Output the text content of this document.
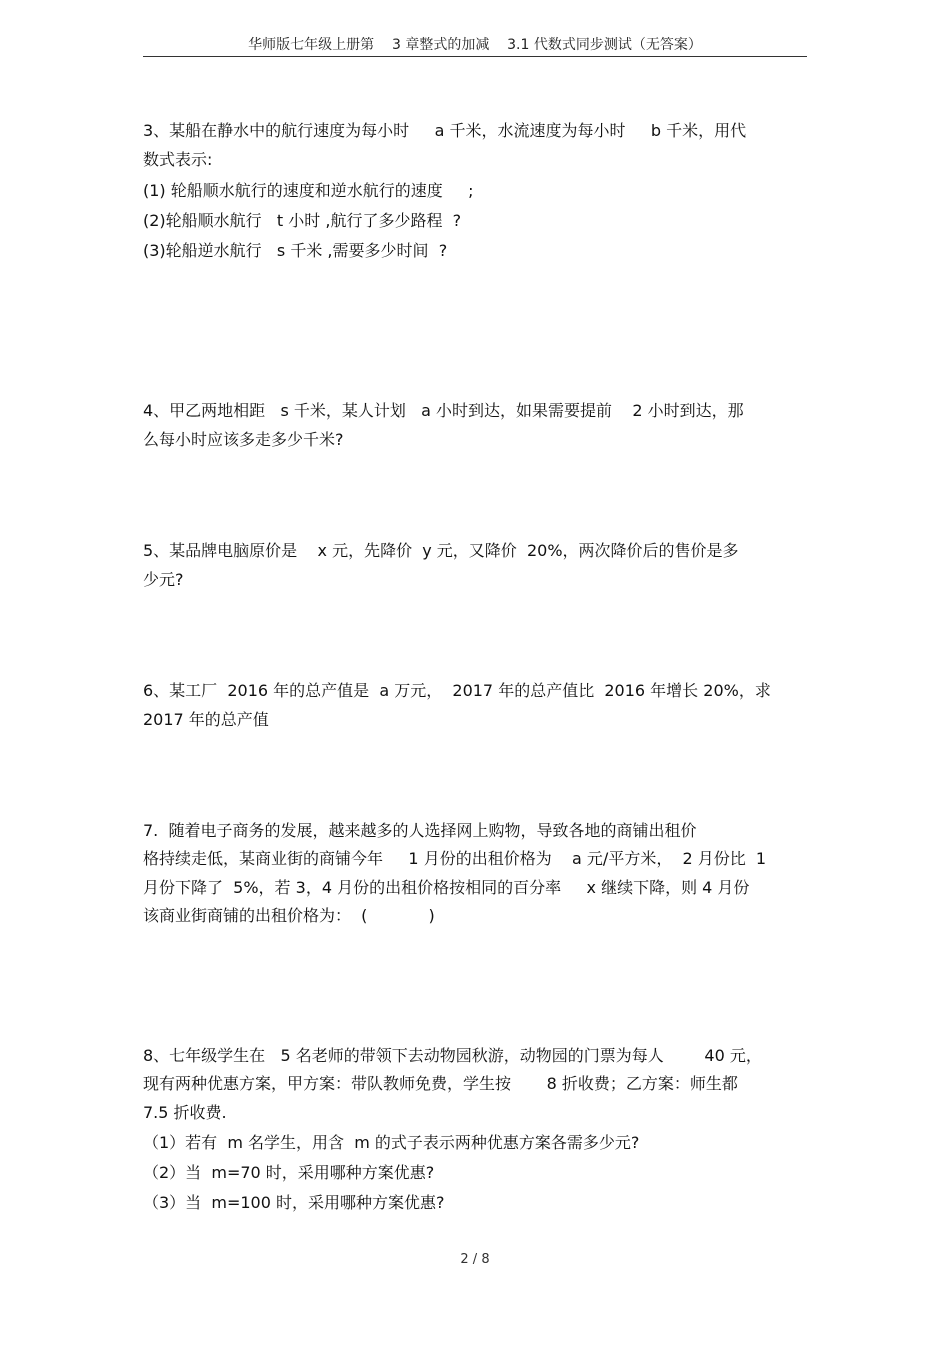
华师版七年级上册第    3 章整式的加减    3.1 代数式同步测试（无答案）
3、某船在静水中的航行速度为每小时     a 千米，水流速度为每小时     b 千米，用代
数式表示:
(1) 轮船顺水航行的速度和逆水航行的速度     ;
(2)轮船顺水航行   t 小时 ,航行了多少路程  ?
(3)轮船逆水航行   s 千米 ,需要多少时间  ?
4、甲乙两地相距   s 千米，某人计划   a 小时到达，如果需要提前    2 小时到达，那
么每小时应该多走多少千米?
5、某品牌电脑原价是    x 元，先降价  y 元，又降价  20%，两次降价后的售价是多
少元?
6、某工厂  2016 年的总产值是  a 万元，  2017 年的总产值比  2016 年增长 20%，求
2017 年的总产值
7.  随着电子商务的发展，越来越多的人选择网上购物，导致各地的商铺出租价
格持续走低，某商业街的商铺今年     1 月份的出租价格为    a 元/平方米，  2 月份比  1
月份下降了  5%，若 3，4 月份的出租价格按相同的百分率     x 继续下降，则 4 月份
该商业街商铺的出租价格为：  (            )
8、七年级学生在   5 名老师的带领下去动物园秋游，动物园的门票为每人        40 元，
现有两种优惠方案，甲方案：带队教师免费，学生按       8 折收费；乙方案：师生都
7.5 折收费.
（1）若有  m 名学生，用含  m 的式子表示两种优惠方案各需多少元?
（2）当  m=70 时，采用哪种方案优惠?
（3）当  m=100 时，采用哪种方案优惠?
2 / 8
